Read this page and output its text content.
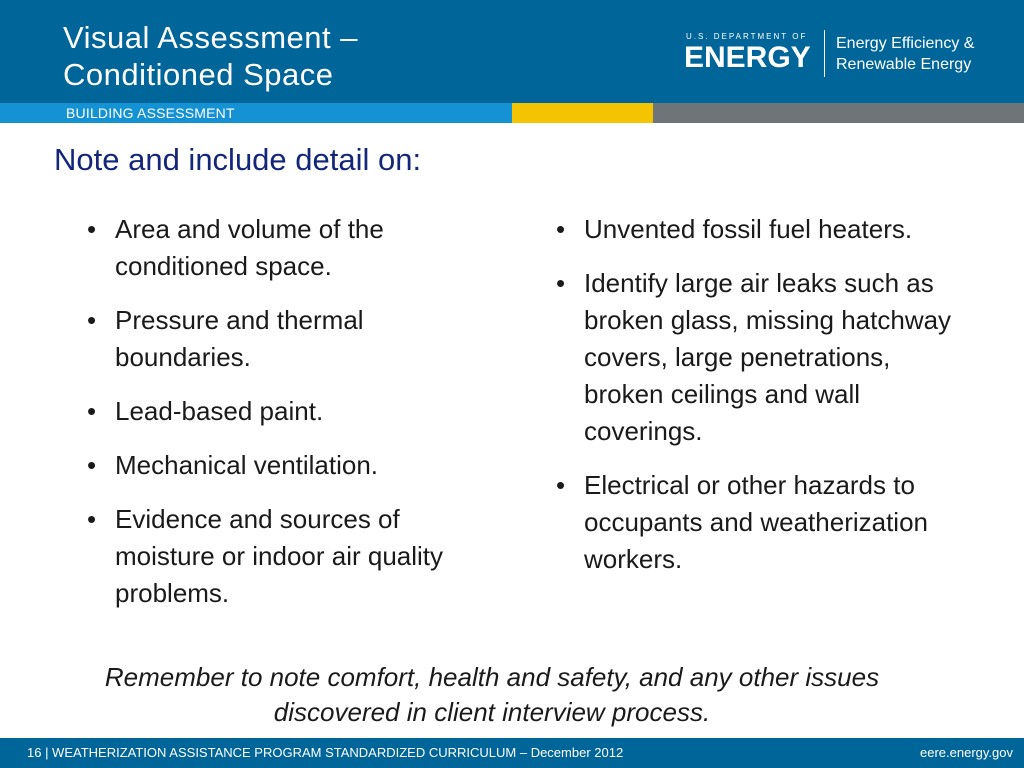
Visual Assessment –
Conditioned Space
U.S. DEPARTMENT OF
ENERGY Energy Efficiency &
Renewable Energy
BUILDING ASSESSMENT
Note and include detail on:
• Area and volume of the conditioned space.
• Pressure and thermal boundaries.
• Lead-based paint.
• Mechanical ventilation.
• Evidence and sources of moisture or indoor air quality problems.
• Unvented fossil fuel heaters.
• Identify large air leaks such as broken glass, missing hatchway covers, large penetrations, broken ceilings and wall coverings.
• Electrical or other hazards to occupants and weatherization workers.
Remember to note comfort, health and safety, and any other issues discovered in client interview process.
16 | WEATHERIZATION ASSISTANCE PROGRAM STANDARDIZED CURRICULUM – December 2012	eere.energy.gov
